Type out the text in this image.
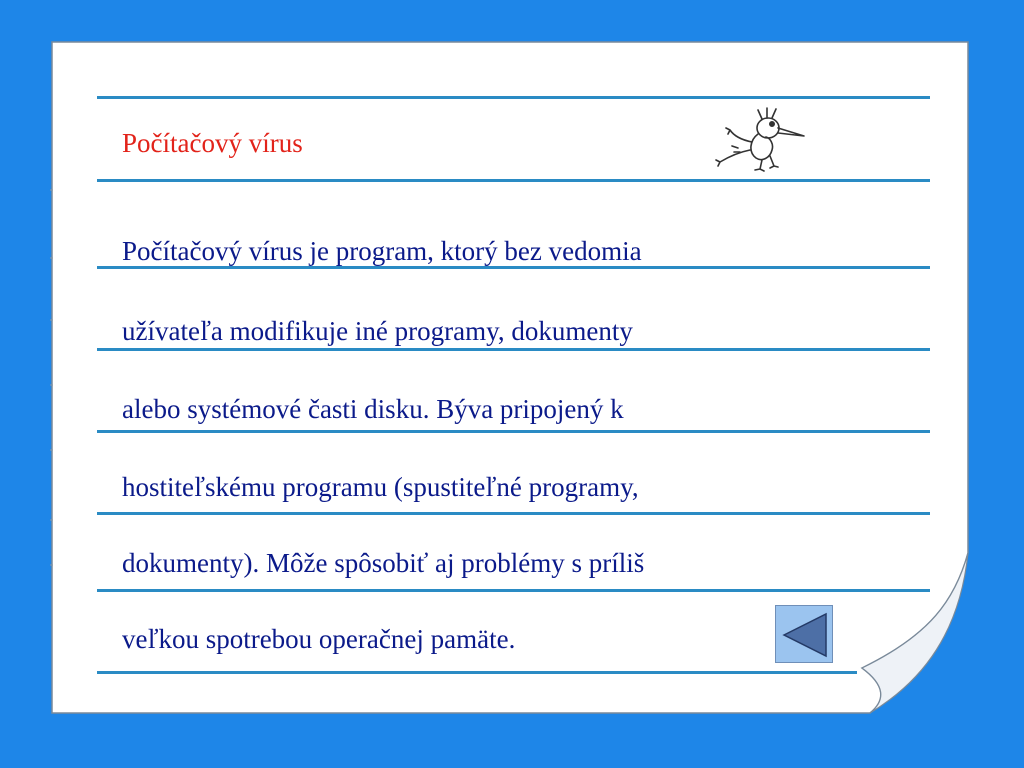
Počítačový vírus
Počítačový vírus je program, ktorý bez vedomia
užívateľa modifikuje iné programy, dokumenty
alebo systémové časti disku. Býva pripojený k
hostiteľskému programu (spustiteľné programy,
dokumenty). Môže spôsobiť aj problémy s príliš
veľkou spotrebou operačnej pamäte.
